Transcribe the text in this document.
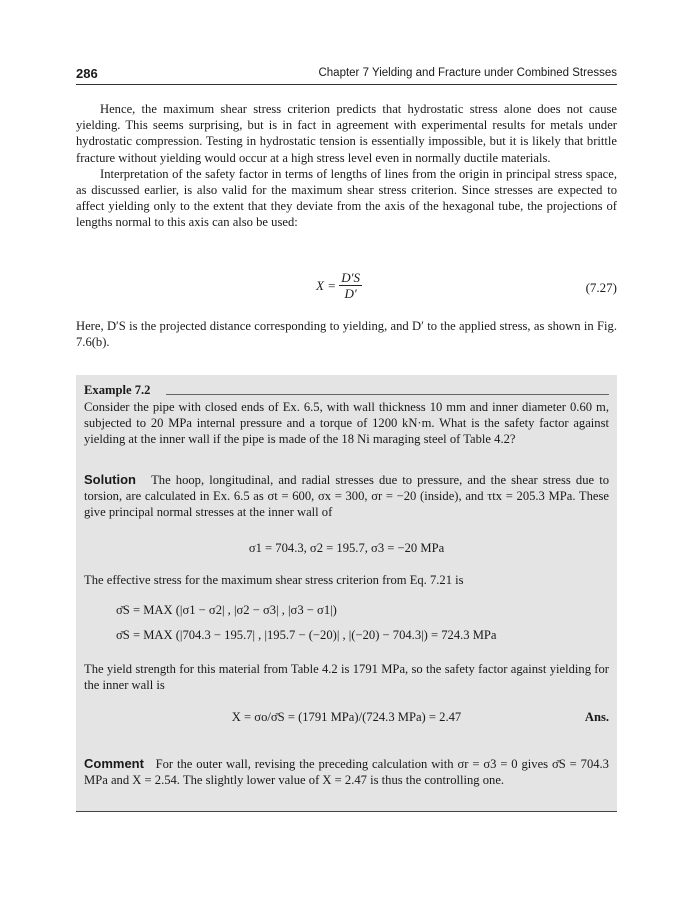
286	Chapter 7 Yielding and Fracture under Combined Stresses

Hence, the maximum shear stress criterion predicts that hydrostatic stress alone does not cause yielding. This seems surprising, but is in fact in agreement with experimental results for metals under hydrostatic compression. Testing in hydrostatic tension is essentially impossible, but it is likely that brittle fracture without yielding would occur at a high stress level even in normally ductile materials.

Interpretation of the safety factor in terms of lengths of lines from the origin in principal stress space, as discussed earlier, is also valid for the maximum shear stress criterion. Since stresses are expected to affect yielding only to the extent that they deviate from the axis of the hexagonal tube, the projections of lengths normal to this axis can also be used:

$X = \frac{D'S}{D'}$	(7.27)

Here, D′S is the projected distance corresponding to yielding, and D′ to the applied stress, as shown in Fig. 7.6(b).

Example 7.2
Consider the pipe with closed ends of Ex. 6.5, with wall thickness 10 mm and inner diameter 0.60 m, subjected to 20 MPa internal pressure and a torque of 1200 kN·m. What is the safety factor against yielding at the inner wall if the pipe is made of the 18 Ni maraging steel of Table 4.2?
Solution The hoop, longitudinal, and radial stresses due to pressure, and the shear stress due to torsion, are calculated in Ex. 6.5 as σt = 600, σx = 300, σr = −20 (inside), and τtx = 205.3 MPa. These give principal normal stresses at the inner wall of
σ1 = 704.3, σ2 = 195.7, σ3 = −20 MPa
The effective stress for the maximum shear stress criterion from Eq. 7.21 is
σ̄S = MAX (|σ1 − σ2| , |σ2 − σ3| , |σ3 − σ1|)
σ̄S = MAX (|704.3 − 195.7| , |195.7 − (−20)| , |(−20) − 704.3|) = 724.3 MPa
The yield strength for this material from Table 4.2 is 1791 MPa, so the safety factor against yielding for the inner wall is
X = σo/σ̄S = (1791 MPa)/(724.3 MPa) = 2.47	Ans.
Comment For the outer wall, revising the preceding calculation with σr = σ3 = 0 gives σ̄S = 704.3 MPa and X = 2.54. The slightly lower value of X = 2.47 is thus the controlling one.
